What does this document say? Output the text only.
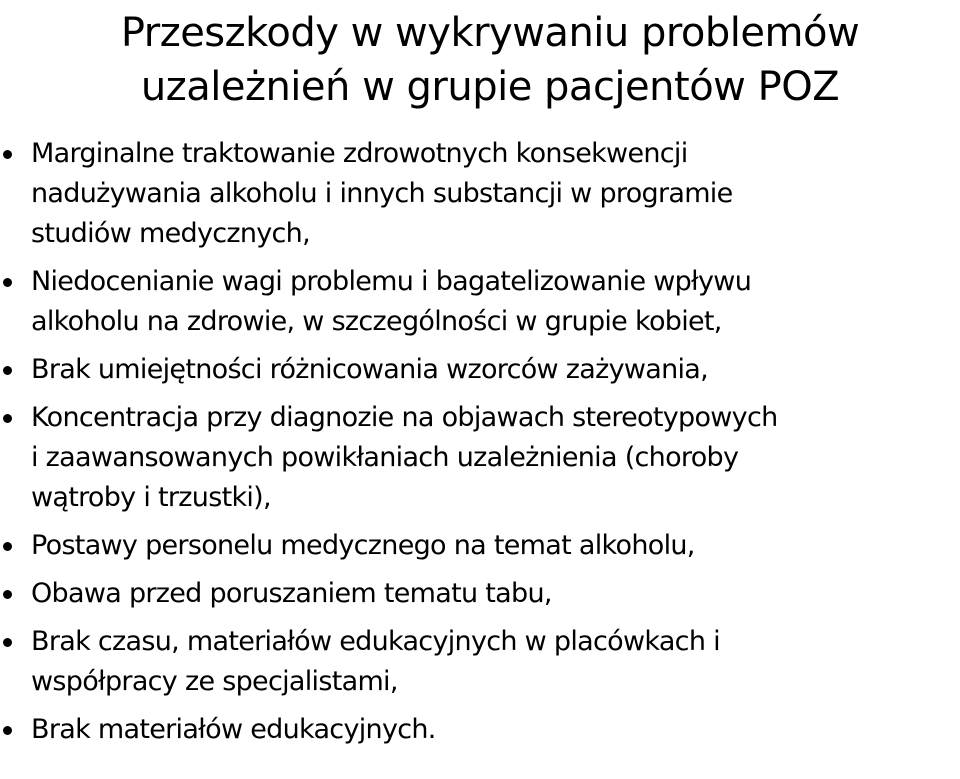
Przeszkody w wykrywaniu problemów
uzależnień w grupie pacjentów POZ
Marginalne traktowanie zdrowotnych konsekwencji
nadużywania alkoholu i innych substancji w programie
studiów medycznych,
Niedocenianie wagi problemu i bagatelizowanie wpływu
alkoholu na zdrowie, w szczególności w grupie kobiet,
Brak umiejętności różnicowania wzorców zażywania,
Koncentracja przy diagnozie na objawach stereotypowych
i zaawansowanych powikłaniach uzależnienia (choroby
wątroby i trzustki),
Postawy personelu medycznego na temat alkoholu,
Obawa przed poruszaniem tematu tabu,
Brak czasu, materiałów edukacyjnych w placówkach i
współpracy ze specjalistami,
Brak materiałów edukacyjnych.
